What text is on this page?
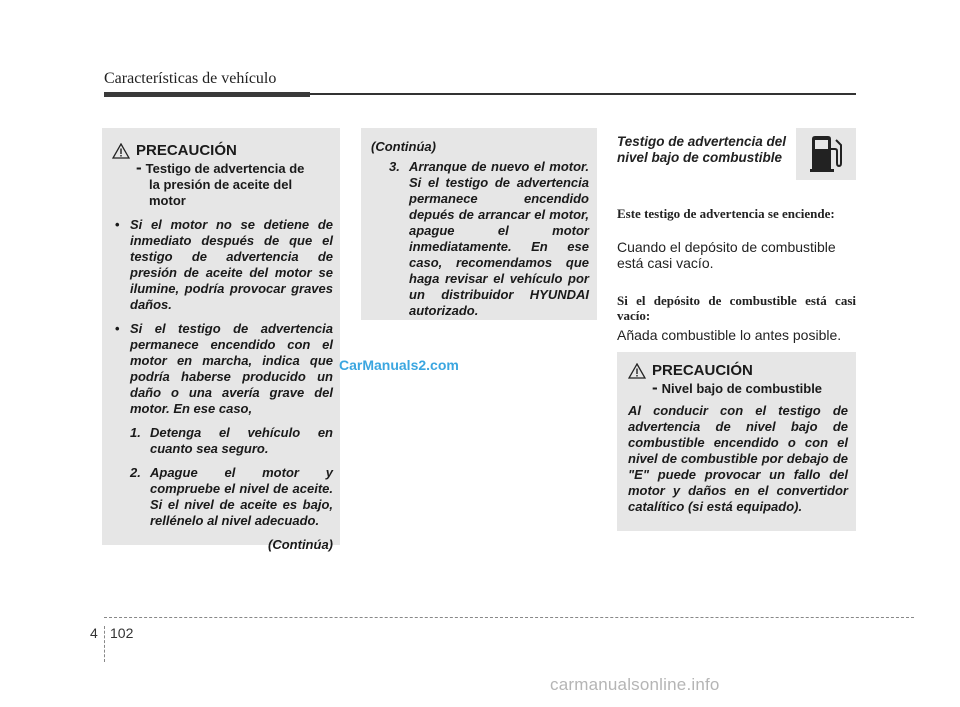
Características de vehículo
PRECAUCIÓN
- Testigo de advertencia de
la presión de aceite del
motor
• Si el motor no se detiene de inmediato después de que el testigo de advertencia de presión de aceite del motor se ilumine, podría provocar graves daños.
• Si el testigo de advertencia permanece encendido con el motor en marcha, indica que podría haberse producido un daño o una avería grave del motor. En ese caso,
1. Detenga el vehículo en cuanto sea seguro.
2. Apague el motor y compruebe el nivel de aceite. Si el nivel de aceite es bajo, rellénelo al nivel adecuado.
(Continúa)
(Continúa)
3. Arranque de nuevo el motor. Si el testigo de advertencia permanece encendido depués de arrancar el motor, apague el motor inmediatamente. En ese caso, recomendamos que haga revisar el vehículo por un distribuidor HYUNDAI autorizado.
Testigo de advertencia del nivel bajo de combustible
Este testigo de advertencia se enciende:
Cuando el depósito de combustible está casi vacío.
Si el depósito de combustible está casi vacío:
Añada combustible lo antes posible.
PRECAUCIÓN
- Nivel bajo de combustible
Al conducir con el testigo de advertencia de nivel bajo de combustible encendido o con el nivel de combustible por debajo de "E" puede provocar un fallo del motor y daños en el convertidor catalítico (si está equipado).
CarManuals2.com
4 102
carmanualsonline.info
